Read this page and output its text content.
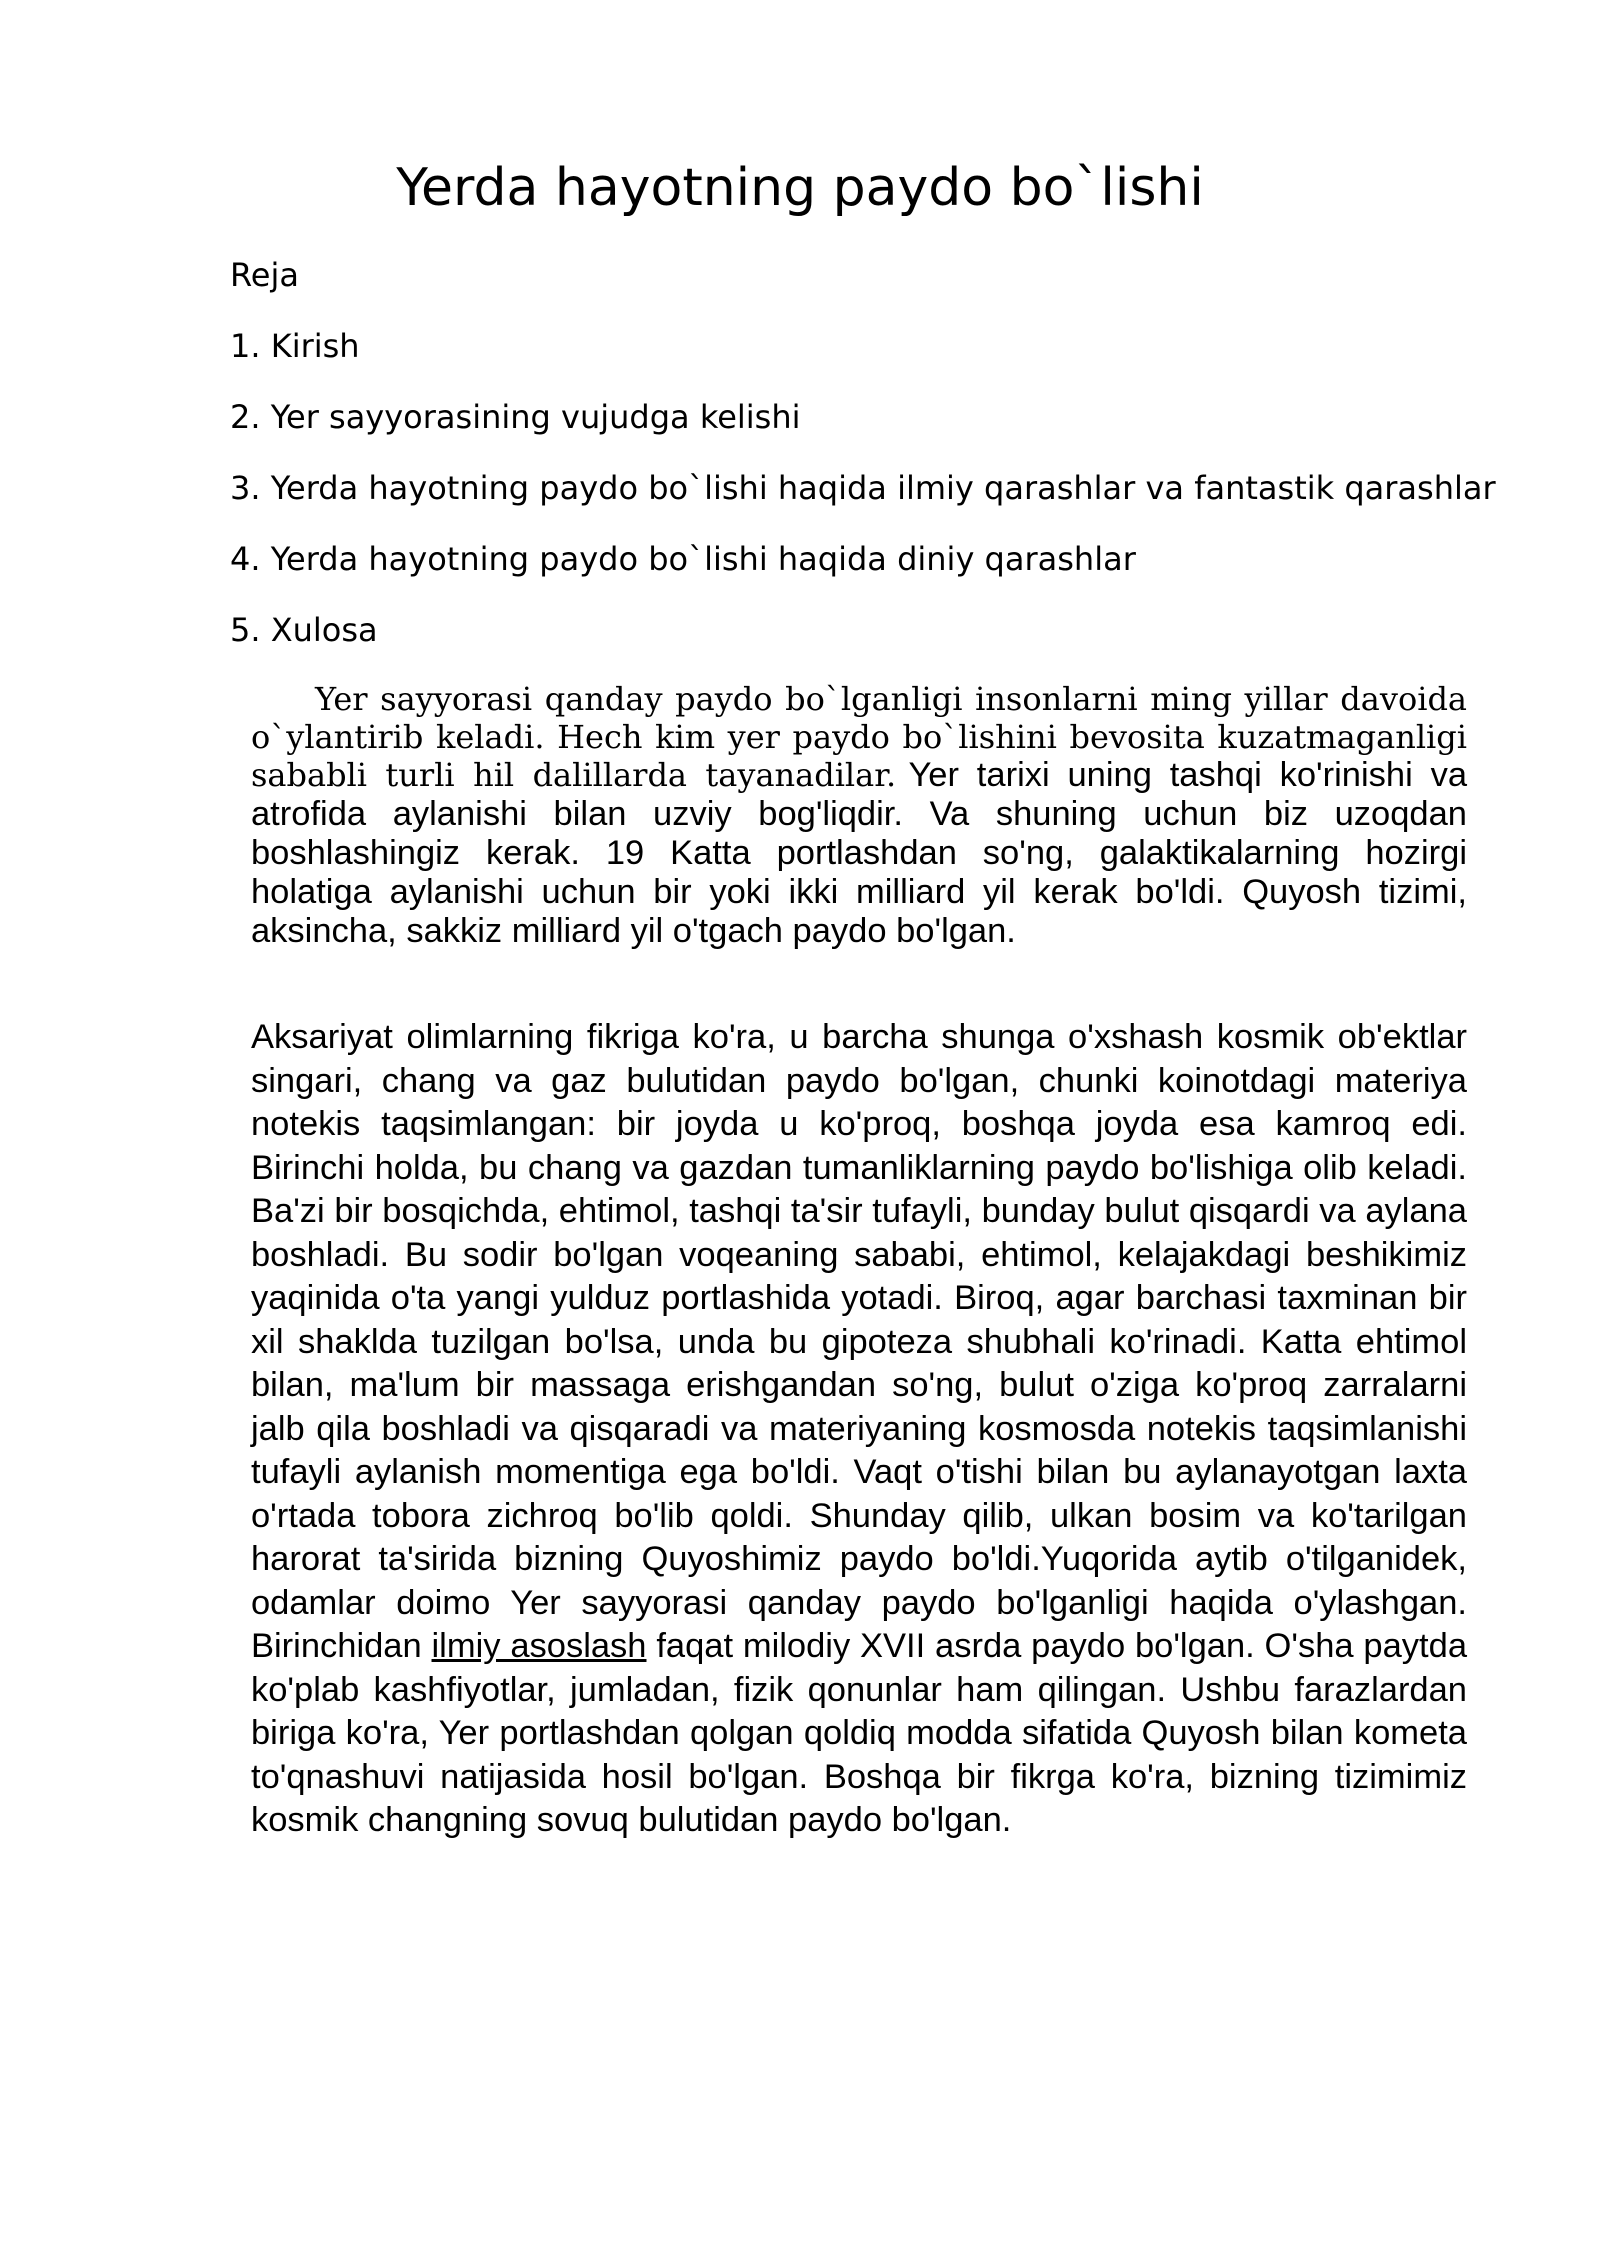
Yerda hayotning paydo bo`lishi
Reja
1. Kirish
2. Yer sayyorasining vujudga kelishi
3. Yerda hayotning paydo bo`lishi haqida ilmiy qarashlar va fantastik qarashlar
4. Yerda hayotning paydo bo`lishi haqida diniy qarashlar
5. Xulosa

Yer sayyorasi qanday paydo bo`lganligi insonlarni ming yillar davoida o`ylantirib keladi. Hech kim yer paydo bo`lishini bevosita kuzatmaganligi sababli turli hil dalillarda tayanadilar. Yer tarixi uning tashqi ko'rinishi va atrofida aylanishi bilan uzviy bog'liqdir. Va shuning uchun biz uzoqdan boshlashingiz kerak. 19 Katta portlashdan so'ng, galaktikalarning hozirgi holatiga aylanishi uchun bir yoki ikki milliard yil kerak bo'ldi. Quyosh tizimi, aksincha, sakkiz milliard yil o'tgach paydo bo'lgan.

Aksariyat olimlarning fikriga ko'ra, u barcha shunga o'xshash kosmik ob'ektlar singari, chang va gaz bulutidan paydo bo'lgan, chunki koinotdagi materiya notekis taqsimlangan: bir joyda u ko'proq, boshqa joyda esa kamroq edi. Birinchi holda, bu chang va gazdan tumanliklarning paydo bo'lishiga olib keladi. Ba'zi bir bosqichda, ehtimol, tashqi ta'sir tufayli, bunday bulut qisqardi va aylana boshladi. Bu sodir bo'lgan voqeaning sababi, ehtimol, kelajakdagi beshikimiz yaqinida o'ta yangi yulduz portlashida yotadi. Biroq, agar barchasi taxminan bir xil shaklda tuzilgan bo'lsa, unda bu gipoteza shubhali ko'rinadi. Katta ehtimol bilan, ma'lum bir massaga erishgandan so'ng, bulut o'ziga ko'proq zarralarni jalb qila boshladi va qisqaradi va materiyaning kosmosda notekis taqsimlanishi tufayli aylanish momentiga ega bo'ldi. Vaqt o'tishi bilan bu aylanayotgan laxta o'rtada tobora zichroq bo'lib qoldi. Shunday qilib, ulkan bosim va ko'tarilgan harorat ta'sirida bizning Quyoshimiz paydo bo'ldi.Yuqorida aytib o'tilganidek, odamlar doimo Yer sayyorasi qanday paydo bo'lganligi haqida o'ylashgan. Birinchidan ilmiy asoslash faqat milodiy XVII asrda paydo bo'lgan. O'sha paytda ko'plab kashfiyotlar, jumladan, fizik qonunlar ham qilingan. Ushbu farazlardan biriga ko'ra, Yer portlashdan qolgan qoldiq modda sifatida Quyosh bilan kometa to'qnashuvi natijasida hosil bo'lgan. Boshqa bir fikrga ko'ra, bizning tizimimiz kosmik changning sovuq bulutidan paydo bo'lgan.
